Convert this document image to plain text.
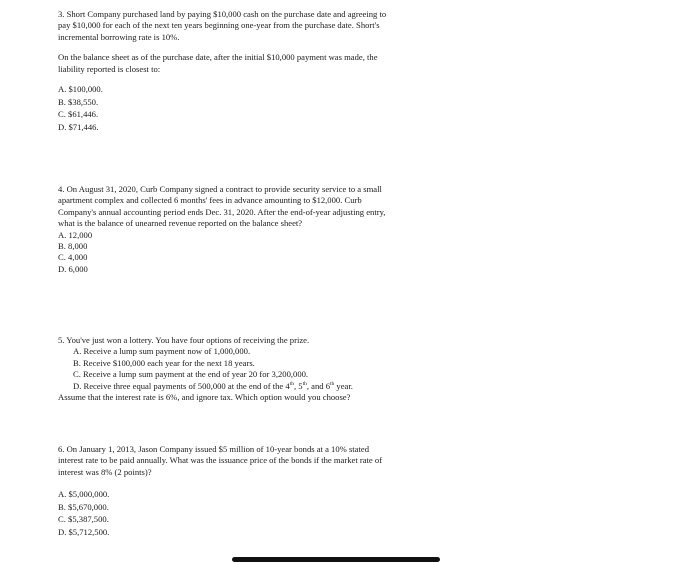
3. Short Company purchased land by paying $10,000 cash on the purchase date and agreeing to
pay $10,000 for each of the next ten years beginning one-year from the purchase date. Short's
incremental borrowing rate is 10%.
On the balance sheet as of the purchase date, after the initial $10,000 payment was made, the
liability reported is closest to:
A. $100,000.
B. $38,550.
C. $61,446.
D. $71,446.
4. On August 31, 2020, Curb Company signed a contract to provide security service to a small
apartment complex and collected 6 months' fees in advance amounting to $12,000. Curb
Company's annual accounting period ends Dec. 31, 2020. After the end-of-year adjusting entry,
what is the balance of unearned revenue reported on the balance sheet?
A. 12,000
B. 8,000
C. 4,000
D. 6,000
5. You've just won a lottery. You have four options of receiving the prize.
A. Receive a lump sum payment now of 1,000,000.
B. Receive $100,000 each year for the next 18 years.
C. Receive a lump sum payment at the end of year 20 for 3,200,000.
D. Receive three equal payments of 500,000 at the end of the 4th, 5th, and 6th year.
Assume that the interest rate is 6%, and ignore tax. Which option would you choose?
6. On January 1, 2013, Jason Company issued $5 million of 10-year bonds at a 10% stated
interest rate to be paid annually. What was the issuance price of the bonds if the market rate of
interest was 8% (2 points)?
A. $5,000,000.
B. $5,670,000.
C. $5,387,500.
D. $5,712,500.
